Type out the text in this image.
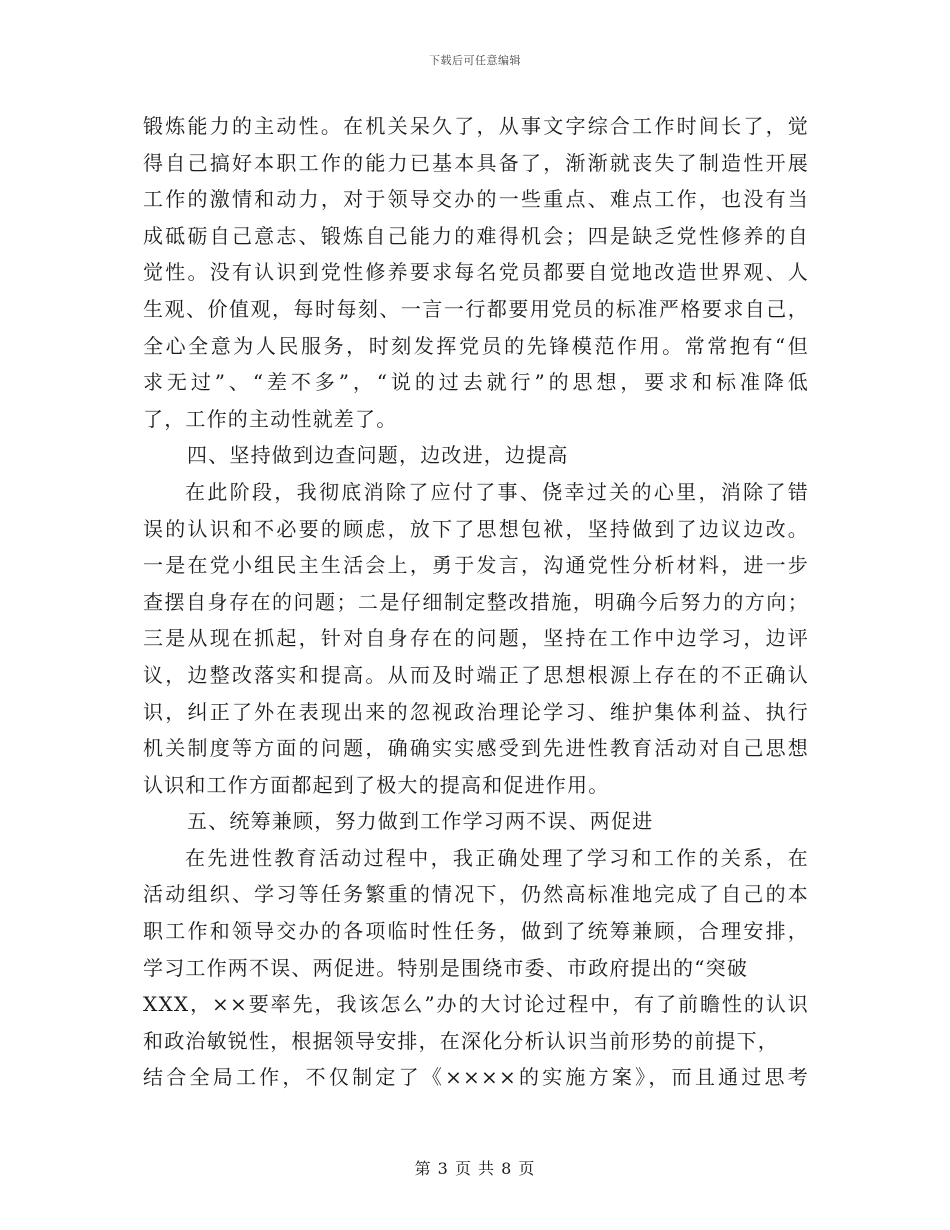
下载后可任意编辑
锻炼能力的主动性。在机关呆久了，从事文字综合工作时间长了，觉
得自己搞好本职工作的能力已基本具备了，渐渐就丧失了制造性开展
工作的激情和动力，对于领导交办的一些重点、难点工作，也没有当
成砥砺自己意志、锻炼自己能力的难得机会；四是缺乏党性修养的自
觉性。没有认识到党性修养要求每名党员都要自觉地改造世界观、人
生观、价值观，每时每刻、一言一行都要用党员的标准严格要求自己，
全心全意为人民服务，时刻发挥党员的先锋模范作用。常常抱有“但
求无过”、“差不多”，“说的过去就行”的思想，要求和标准降低
了，工作的主动性就差了。
四、坚持做到边查问题，边改进，边提高
在此阶段，我彻底消除了应付了事、侥幸过关的心里，消除了错
误的认识和不必要的顾虑，放下了思想包袱，坚持做到了边议边改。
一是在党小组民主生活会上，勇于发言，沟通党性分析材料，进一步
查摆自身存在的问题；二是仔细制定整改措施，明确今后努力的方向；
三是从现在抓起，针对自身存在的问题，坚持在工作中边学习，边评
议，边整改落实和提高。从而及时端正了思想根源上存在的不正确认
识，纠正了外在表现出来的忽视政治理论学习、维护集体利益、执行
机关制度等方面的问题，确确实实感受到先进性教育活动对自己思想
认识和工作方面都起到了极大的提高和促进作用。
五、统筹兼顾，努力做到工作学习两不误、两促进
在先进性教育活动过程中，我正确处理了学习和工作的关系，在
活动组织、学习等任务繁重的情况下，仍然高标准地完成了自己的本
职工作和领导交办的各项临时性任务，做到了统筹兼顾，合理安排，
学习工作两不误、两促进。特别是围绕市委、市政府提出的“突破
XXX，××要率先，我该怎么”办的大讨论过程中，有了前瞻性的认识
和政治敏锐性，根据领导安排，在深化分析认识当前形势的前提下，
结合全局工作，不仅制定了《××××的实施方案》，而且通过思考
第 3 页 共 8 页
